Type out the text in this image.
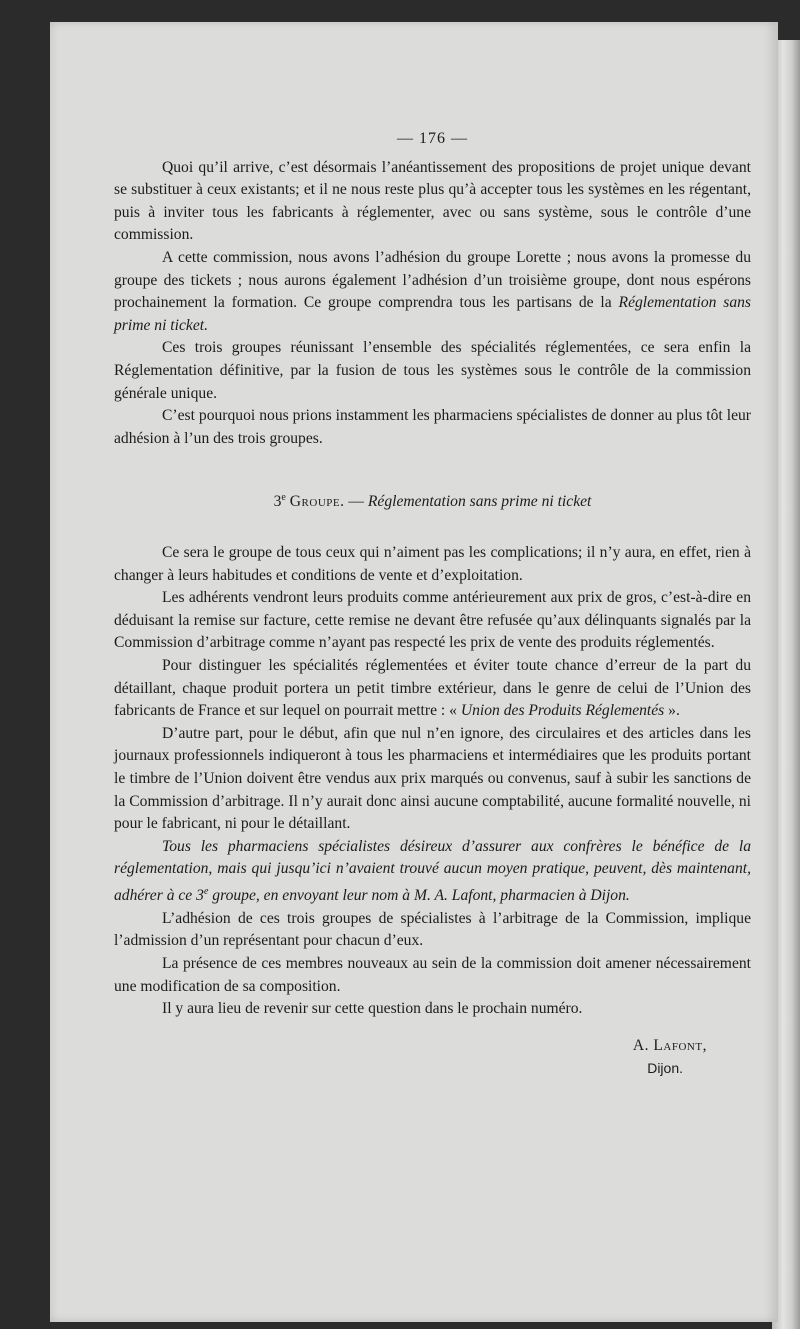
— 176 —

Quoi qu’il arrive, c’est désormais l’anéantissement des propositions de projet unique devant se substituer à ceux existants; et il ne nous reste plus qu’à accepter tous les systèmes en les régentant, puis à inviter tous les fabricants à réglementer, avec ou sans système, sous le contrôle d’une commission.

A cette commission, nous avons l’adhésion du groupe Lorette ; nous avons la promesse du groupe des tickets ; nous aurons également l’adhésion d’un troisième groupe, dont nous espérons prochainement la formation. Ce groupe comprendra tous les partisans de la Réglementation sans prime ni ticket.

Ces trois groupes réunissant l’ensemble des spécialités réglementées, ce sera enfin la Réglementation définitive, par la fusion de tous les systèmes sous le contrôle de la commission générale unique.

C’est pourquoi nous prions instamment les pharmaciens spécialistes de donner au plus tôt leur adhésion à l’un des trois groupes.

3e Groupe. — Réglementation sans prime ni ticket

Ce sera le groupe de tous ceux qui n’aiment pas les complications; il n’y aura, en effet, rien à changer à leurs habitudes et conditions de vente et d’exploitation.

Les adhérents vendront leurs produits comme antérieurement aux prix de gros, c’est-à-dire en déduisant la remise sur facture, cette remise ne devant être refusée qu’aux délinquants signalés par la Commission d’arbitrage comme n’ayant pas respecté les prix de vente des produits réglementés.

Pour distinguer les spécialités réglementées et éviter toute chance d’erreur de la part du détaillant, chaque produit portera un petit timbre extérieur, dans le genre de celui de l’Union des fabricants de France et sur lequel on pourrait mettre : « Union des Produits Réglementés ».

D’autre part, pour le début, afin que nul n’en ignore, des circulaires et des articles dans les journaux professionnels indiqueront à tous les pharmaciens et intermédiaires que les produits portant le timbre de l’Union doivent être vendus aux prix marqués ou convenus, sauf à subir les sanctions de la Commission d’arbitrage. Il n’y aurait donc ainsi aucune comptabilité, aucune formalité nouvelle, ni pour le fabricant, ni pour le détaillant.

Tous les pharmaciens spécialistes désireux d’assurer aux confrères le bénéfice de la réglementation, mais qui jusqu’ici n’avaient trouvé aucun moyen pratique, peuvent, dès maintenant, adhérer à ce 3e groupe, en envoyant leur nom à M. A. Lafont, pharmacien à Dijon.

L’adhésion de ces trois groupes de spécialistes à l’arbitrage de la Commission, implique l’admission d’un représentant pour chacun d’eux.

La présence de ces membres nouveaux au sein de la commission doit amener nécessairement une modification de sa composition.

Il y aura lieu de revenir sur cette question dans le prochain numéro.

A. Lafont,
Dijon.
